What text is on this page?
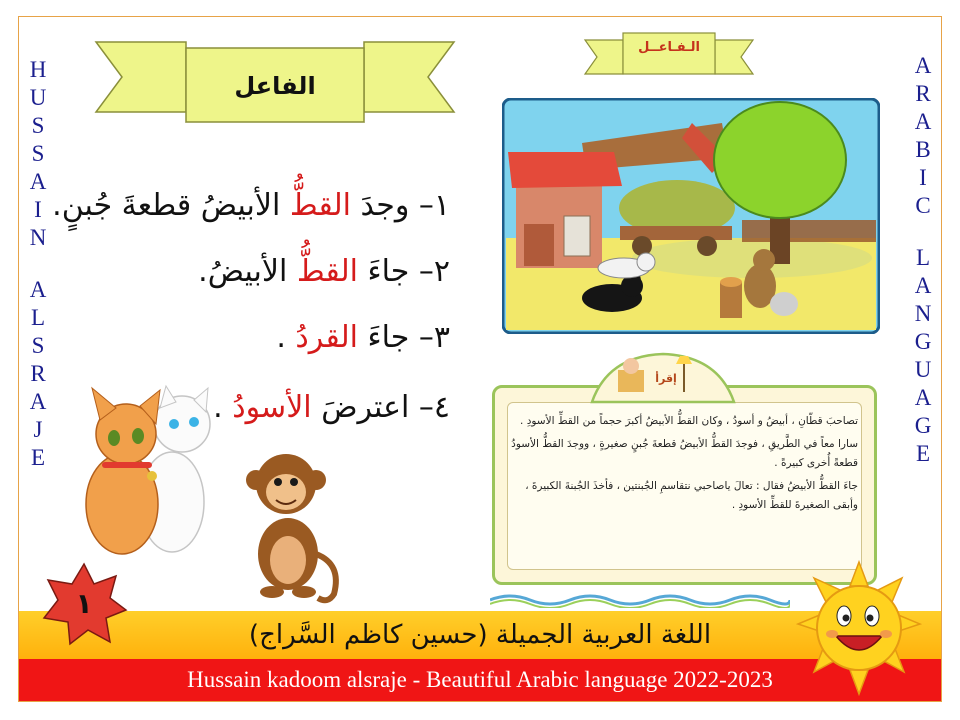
H
U
S
S
A
I
N
A
L
S
R
A
J
E
A
R
A
B
I
C
L
A
N
G
U
A
G
E
الفاعل
الـفـاعــل
١– وجدَ القطُّ الأبيضُ قطعةَ جُبنٍ.
٢– جاءَ القطُّ الأبيضُ.
٣– جاءَ القردُ .
٤– اعترضَ الأسودُ .	تصاحبَ قطّانِ ، أبيضُ و أسودُ ، وكان القطُّ الأبيضُ أكبرَ حجماً من القطِّ الأسودِ .

سارا معاً في الطَّريقِ ، فوجدَ القطُّ الأبيضُ قطعةَ جُبنٍ صغيرةٍ ، ووجدَ القطُّ الأسودُ قطعةً أُخرى كبيرةً .

جاءَ القطُّ الأبيضُ فقال : تعالَ ياصاحبي نتقاسمِ الجُبنتين ، فأخذَ الجُبنةَ الكبيرةَ ، وأبقى الصغيرةَ للقطِّ الأسودِ .

إقرأ
اللغة العربية الجميلة (حسين كاظم السَّراج)
Hussain kadoom alsraje - Beautiful Arabic language 2022-2023
١
